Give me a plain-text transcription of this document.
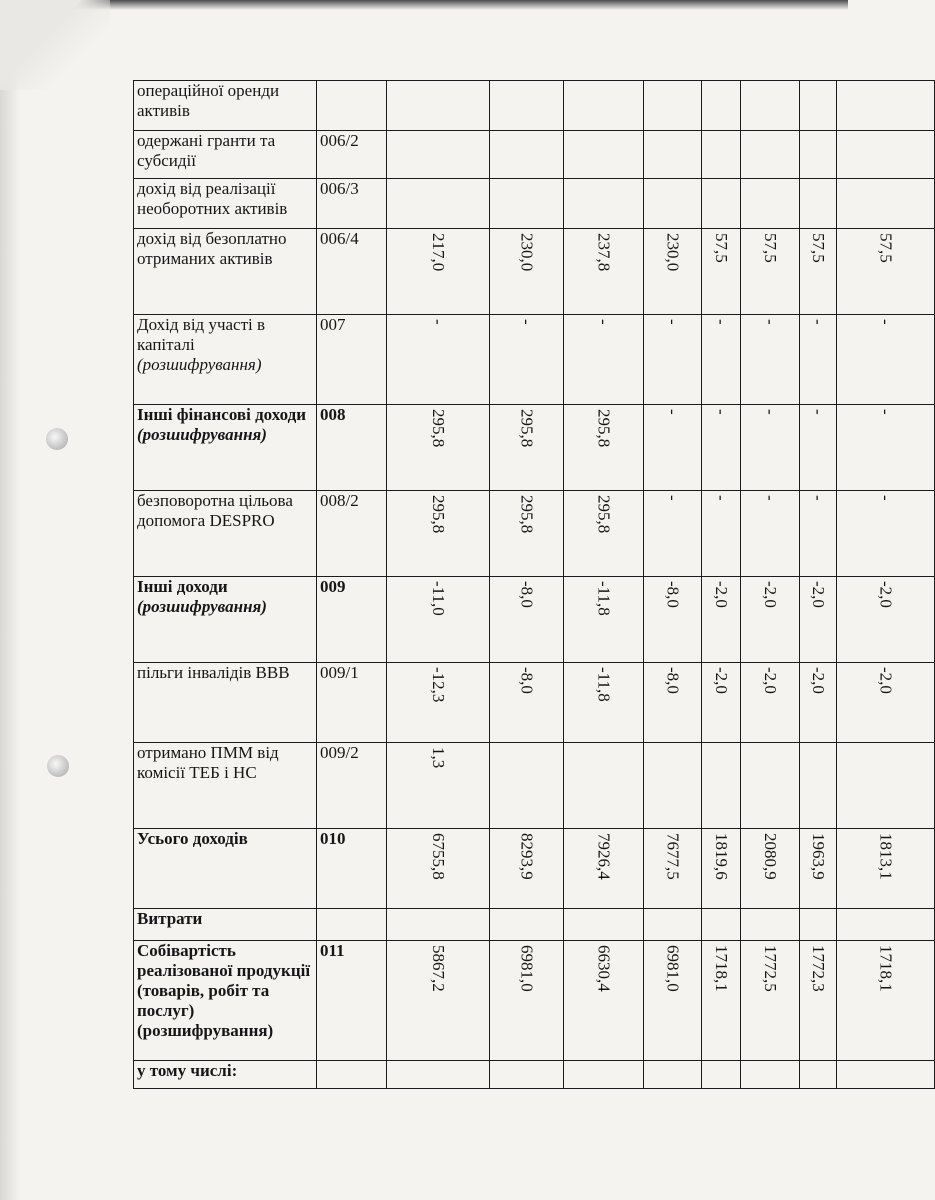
операційної оренди активів		

одержані гранти та субсидії	006/2	

дохід від реалізації необоротних активів	006/3	

дохід від безоплатно отриманих активів	006/4	217,0	230,0	237,8	230,0	57,5	57,5	57,5	57,5

Дохід від участі в капіталі (розшифрування)	007	-	-	-	-	-	-	-	-

Інші фінансові доходи (розшифрування)	008	295,8	295,8	295,8	-	-	-	-	-

безповоротна цільова допомога DESPRO	008/2	295,8	295,8	295,8	-	-	-	-	-

Інші доходи (розшифрування)	009	-11,0	-8,0	-11,8	-8,0	-2,0	-2,0	-2,0	-2,0

пільги інвалідів ВВВ	009/1	-12,3	-8,0	-11,8	-8,0	-2,0	-2,0	-2,0	-2,0

отримано ПММ від комісії ТЕБ і НС	009/2	1,3							

Усього доходів	010	6755,8	8293,9	7926,4	7677,5	1819,6	2080,9	1963,9	1813,1

Витрати		

Собівартість реалізованої продукції (товарів, робіт та послуг) (розшифрування)	011	5867,2	6981,0	6630,4	6981,0	1718,1	1772,5	1772,3	1718,1

у тому числі:		
